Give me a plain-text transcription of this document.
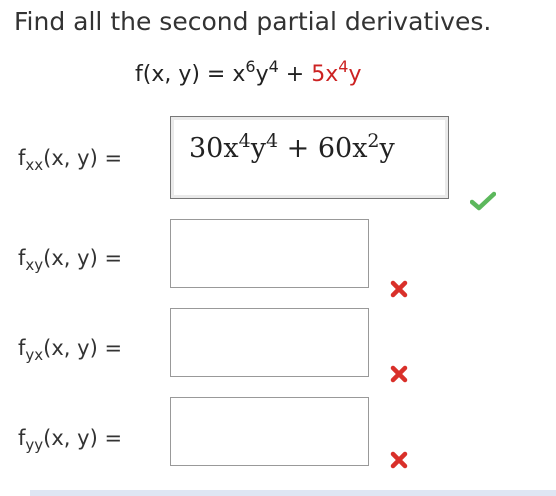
Find all the second partial derivatives.
f(x, $y) = x^6y^4 + 5x^4y$
$f_{xx}(x$, $y) = 30x^4y^4 + 60x^2y$
$f_{xy}(x$, y) =
$f_{yx}(x$, y) =
$f_{yy}(x$, y) =
